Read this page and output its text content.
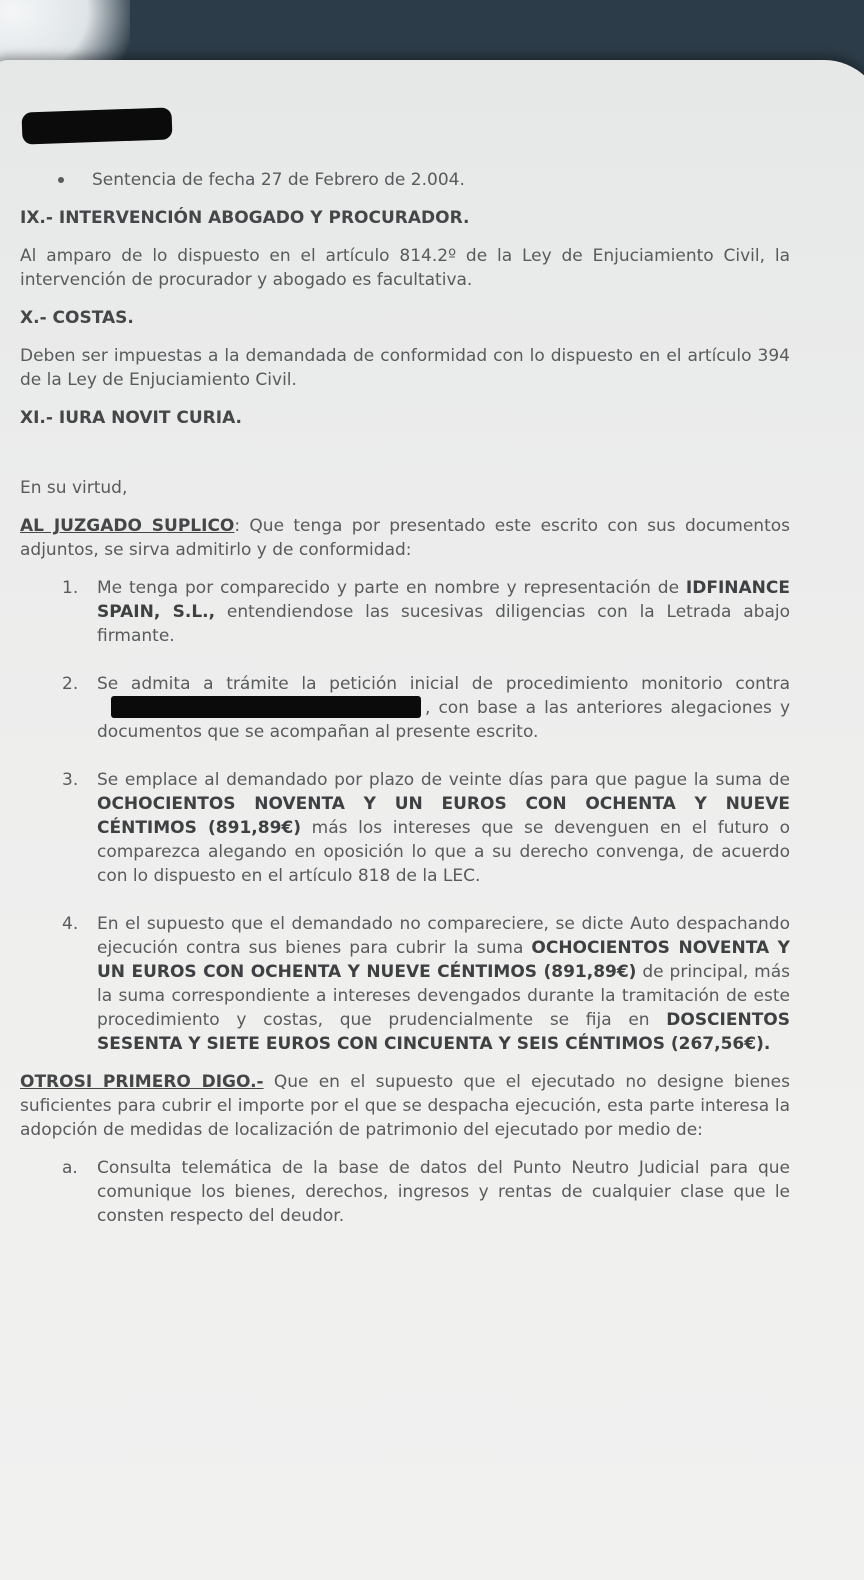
Sentencia de fecha 27 de Febrero de 2.004.

IX.- INTERVENCIÓN ABOGADO Y PROCURADOR.

Al amparo de lo dispuesto en el artículo 814.2º de la Ley de Enjuciamiento Civil, la intervención de procurador y abogado es facultativa.

X.- COSTAS.

Deben ser impuestas a la demandada de conformidad con lo dispuesto en el artículo 394 de la Ley de Enjuciamiento Civil.

XI.- IURA NOVIT CURIA.

En su virtud,

AL JUZGADO SUPLICO: Que tenga por presentado este escrito con sus documentos adjuntos, se sirva admitirlo y de conformidad:

1. Me tenga por comparecido y parte en nombre y representación de IDFINANCE SPAIN, S.L., entendiendose las sucesivas diligencias con la Letrada abajo firmante.
2. Se admita a trámite la petición inicial de procedimiento monitorio contra, con base a las anteriores alegaciones y documentos que se acompañan al presente escrito.
3. Se emplace al demandado por plazo de veinte días para que pague la suma de OCHOCIENTOS NOVENTA Y UN EUROS CON OCHENTA Y NUEVE CÉNTIMOS (891,89€) más los intereses que se devenguen en el futuro o comparezca alegando en oposición lo que a su derecho convenga, de acuerdo con lo dispuesto en el artículo 818 de la LEC.
4. En el supuesto que el demandado no compareciere, se dicte Auto despachando ejecución contra sus bienes para cubrir la suma OCHOCIENTOS NOVENTA Y UN EUROS CON OCHENTA Y NUEVE CÉNTIMOS (891,89€) de principal, más la suma correspondiente a intereses devengados durante la tramitación de este procedimiento y costas, que prudencialmente se fija en DOSCIENTOS SESENTA Y SIETE EUROS CON CINCUENTA Y SEIS CÉNTIMOS (267,56€).

OTROSI PRIMERO DIGO.- Que en el supuesto que el ejecutado no designe bienes suficientes para cubrir el importe por el que se despacha ejecución, esta parte interesa la adopción de medidas de localización de patrimonio del ejecutado por medio de:

a. Consulta telemática de la base de datos del Punto Neutro Judicial para que comunique los bienes, derechos, ingresos y rentas de cualquier clase que le consten respecto del deudor.
